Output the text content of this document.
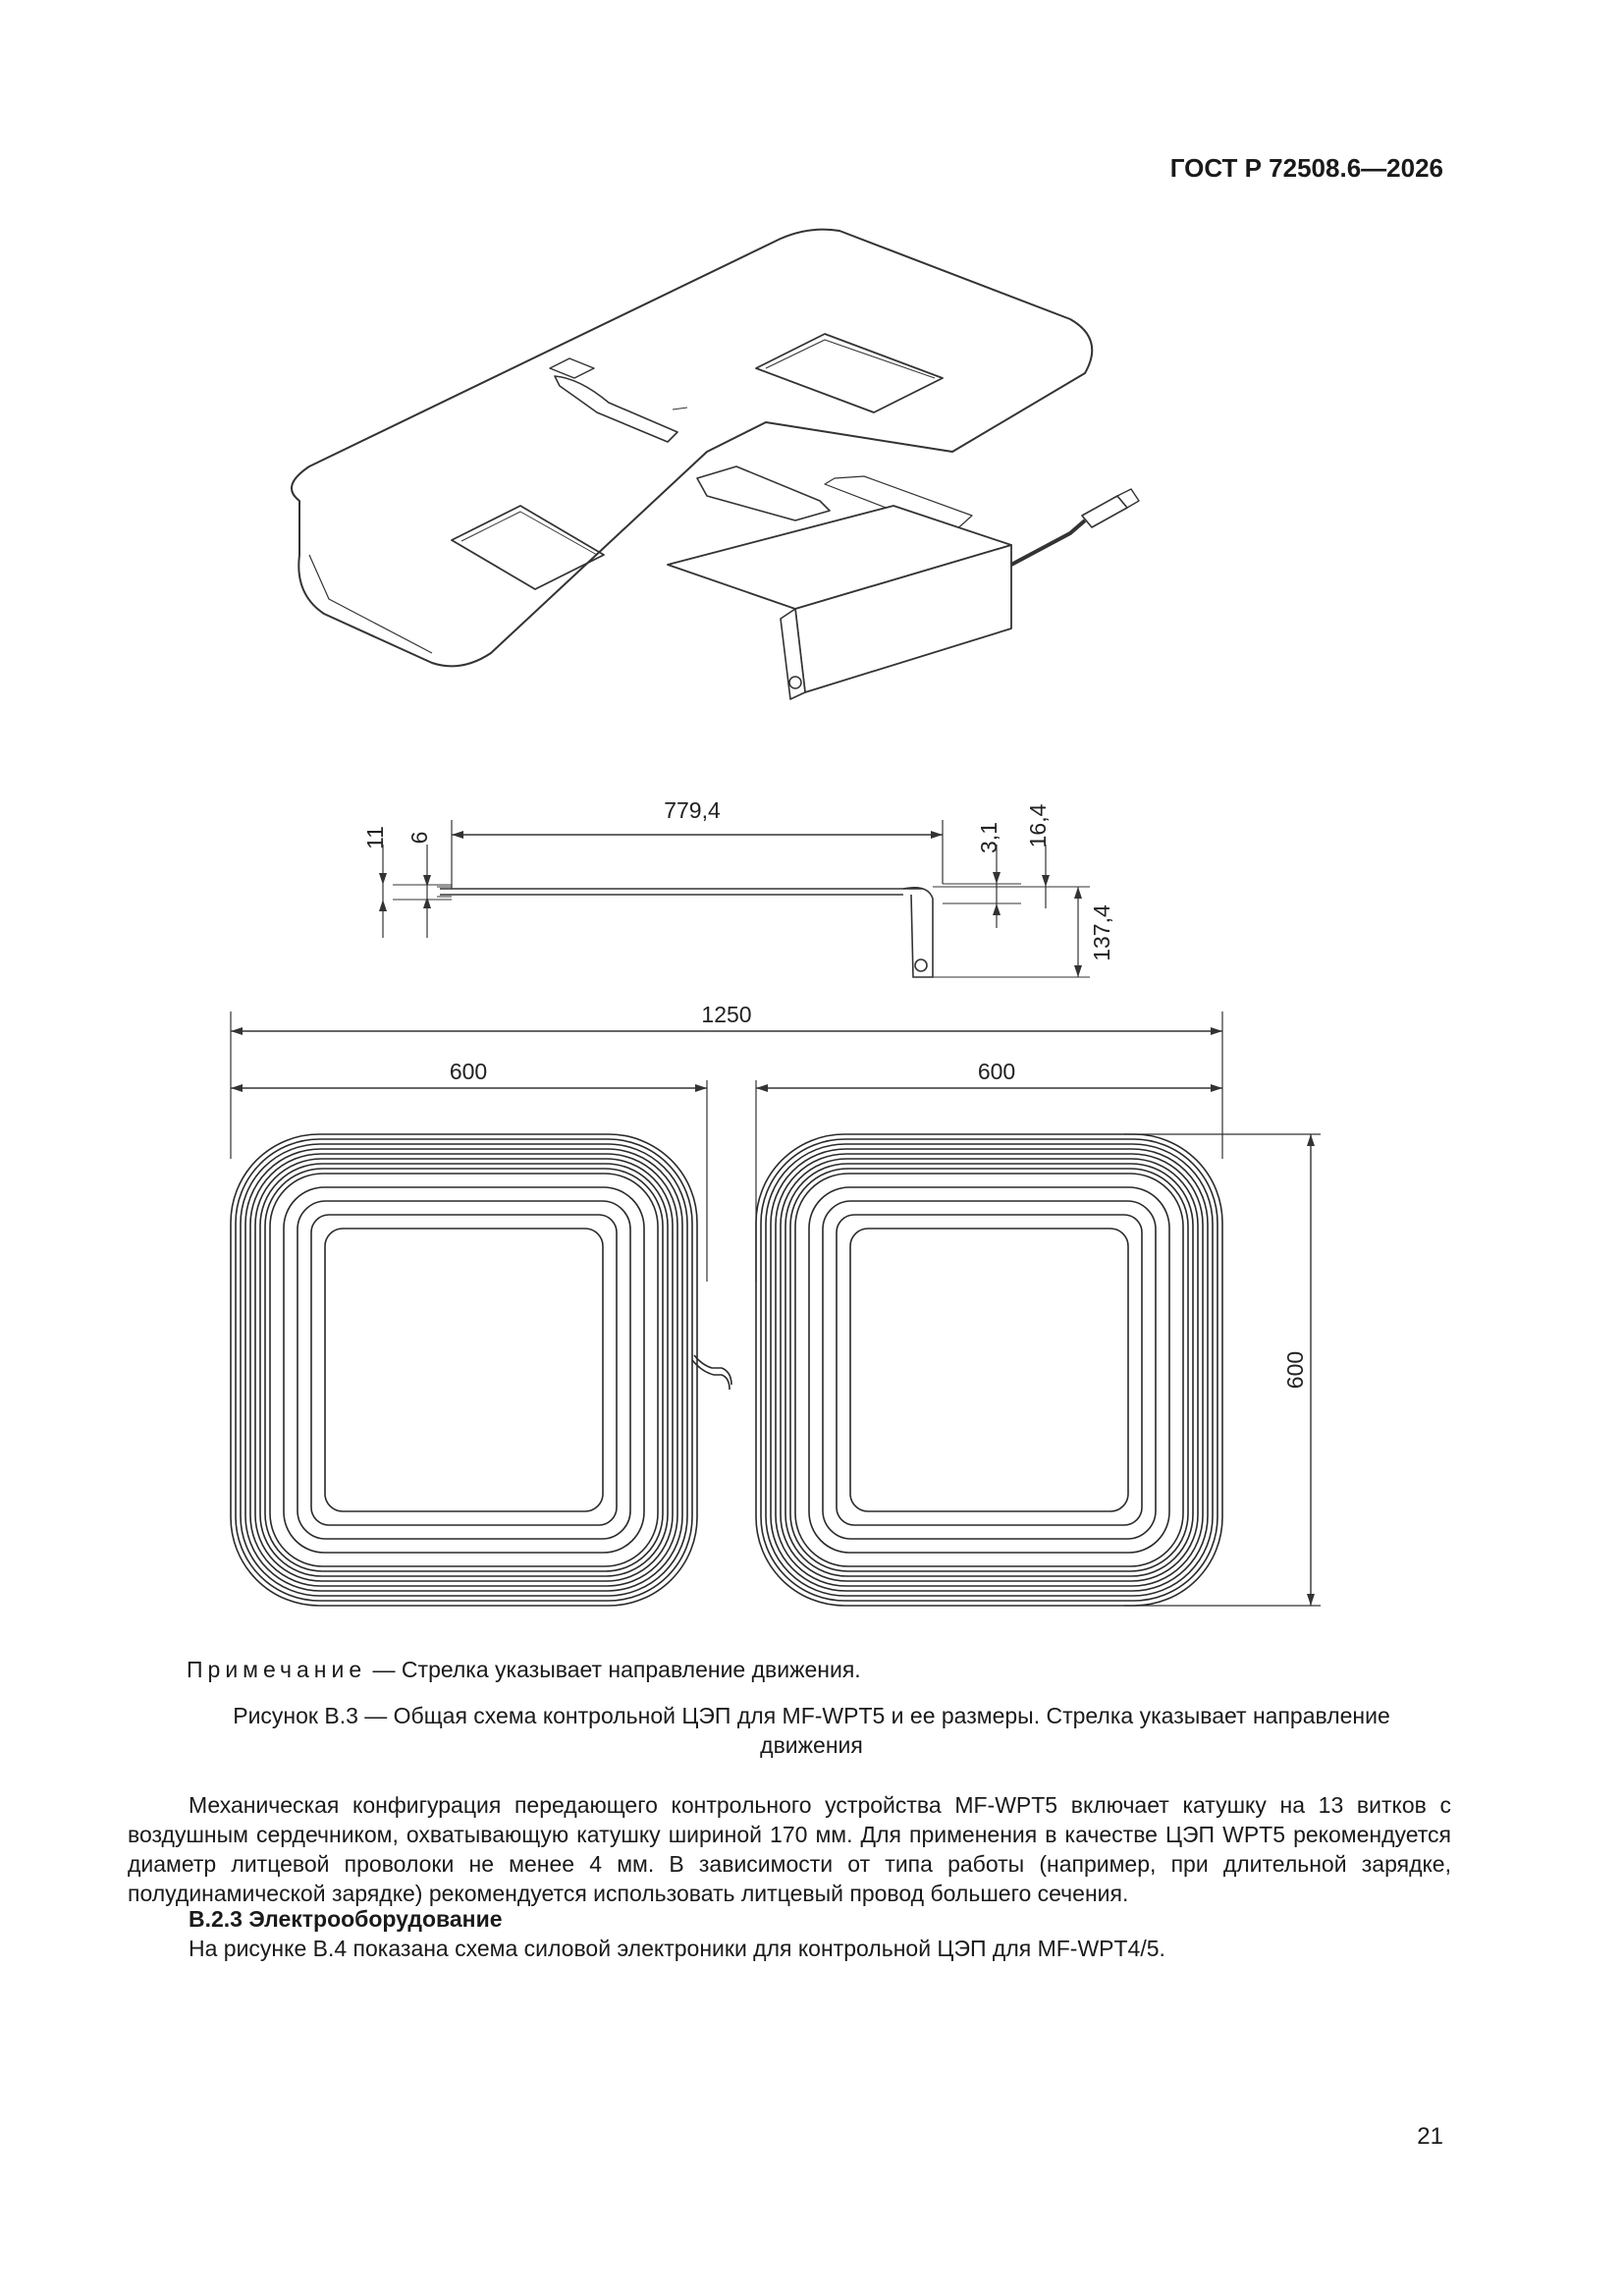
ГОСТ Р 72508.6—2026
779,4
11 6	3,1 16,4
137,4
1250
600	600
600
Примечание — Стрелка указывает направление движения.
Рисунок В.3 — Общая схема контрольной ЦЭП для MF-WPT5 и ее размеры. Стрелка указывает направление
движения
Механическая конфигурация передающего контрольного устройства MF-WPT5 включает катушку на 13 витков с воздушным сердечником, охватывающую катушку шириной 170 мм. Для применения в качестве ЦЭП WPT5 рекомендуется диаметр литцевой проволоки не менее 4 мм. В зависимости от типа работы (например, при длительной зарядке, полудинамической зарядке) рекомендуется использовать литцевый провод большего сечения.
В.2.3 Электрооборудование
На рисунке В.4 показана схема силовой электроники для контрольной ЦЭП для MF-WPT4/5.
21
